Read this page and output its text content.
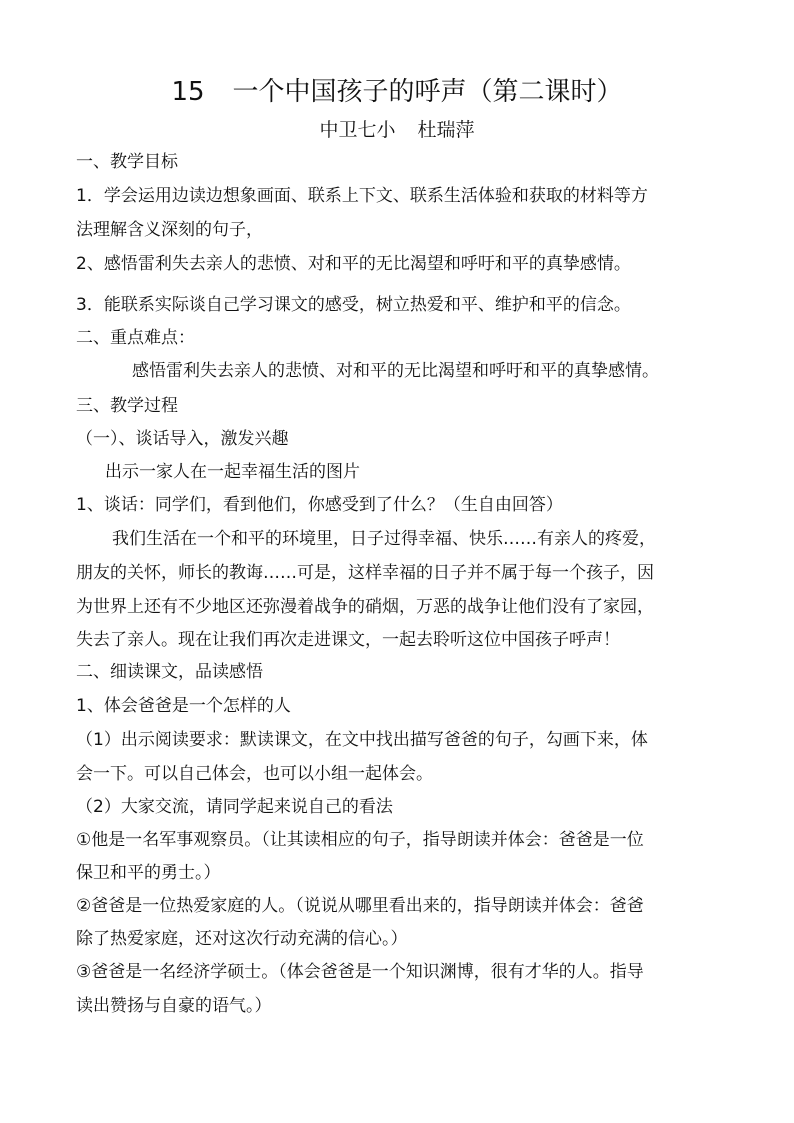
15 一个中国孩子的呼声（第二课时）
中卫七小 杜瑞萍
一、教学目标
1．学会运用边读边想象画面、联系上下文、联系生活体验和获取的材料等方
法理解含义深刻的句子，
2、感悟雷利失去亲人的悲愤、对和平的无比渴望和呼吁和平的真挚感情。
3．能联系实际谈自己学习课文的感受，树立热爱和平、维护和平的信念。
二、重点难点：
感悟雷利失去亲人的悲愤、对和平的无比渴望和呼吁和平的真挚感情。
三、教学过程
（一）、谈话导入，激发兴趣
出示一家人在一起幸福生活的图片
1、谈话：同学们，看到他们，你感受到了什么？（生自由回答）
我们生活在一个和平的环境里，日子过得幸福、快乐……有亲人的疼爱，
朋友的关怀，师长的教诲……可是，这样幸福的日子并不属于每一个孩子，因
为世界上还有不少地区还弥漫着战争的硝烟，万恶的战争让他们没有了家园，
失去了亲人。现在让我们再次走进课文，一起去聆听这位中国孩子呼声！
二、细读课文，品读感悟
1、体会爸爸是一个怎样的人
（1）出示阅读要求：默读课文，在文中找出描写爸爸的句子，勾画下来，体
会一下。可以自己体会，也可以小组一起体会。
（2）大家交流，请同学起来说自己的看法
①他是一名军事观察员。（让其读相应的句子，指导朗读并体会：爸爸是一位
保卫和平的勇士。）
②爸爸是一位热爱家庭的人。（说说从哪里看出来的，指导朗读并体会：爸爸
除了热爱家庭，还对这次行动充满的信心。）
③爸爸是一名经济学硕士。（体会爸爸是一个知识渊博，很有才华的人。指导
读出赞扬与自豪的语气。）
